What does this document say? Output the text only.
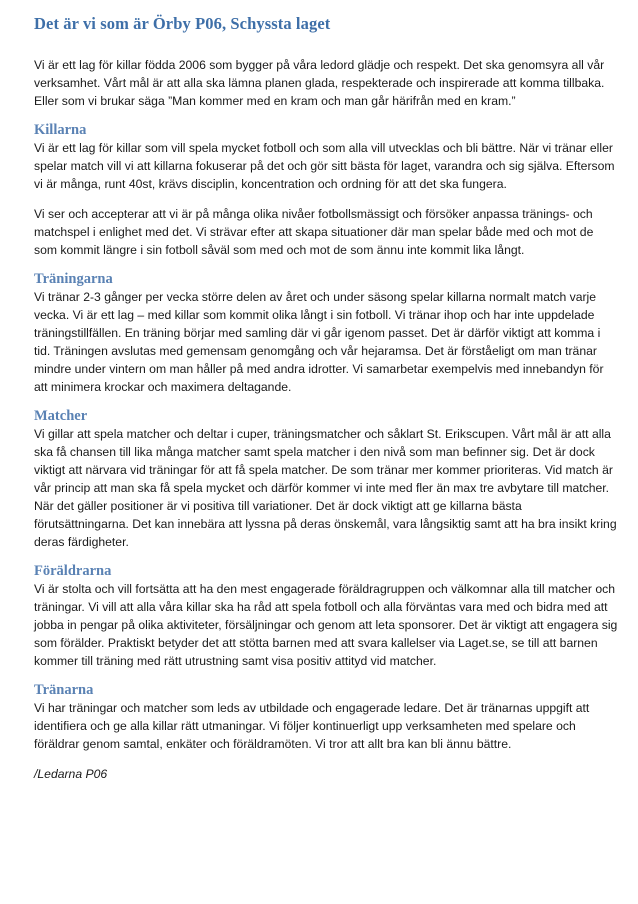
Det är vi som är Örby P06, Schyssta laget

Vi är ett lag för killar födda 2006 som bygger på våra ledord glädje och respekt. Det ska genomsyra all vår verksamhet. Vårt mål är att alla ska lämna planen glada, respekterade och inspirerade att komma tillbaka. Eller som vi brukar säga ”Man kommer med en kram och man går härifrån med en kram.”

Killarna

Vi är ett lag för killar som vill spela mycket fotboll och som alla vill utvecklas och bli bättre. När vi tränar eller spelar match vill vi att killarna fokuserar på det och gör sitt bästa för laget, varandra och sig själva. Eftersom vi är många, runt 40st, krävs disciplin, koncentration och ordning för att det ska fungera.

Vi ser och accepterar att vi är på många olika nivåer fotbollsmässigt och försöker anpassa tränings- och matchspel i enlighet med det. Vi strävar efter att skapa situationer där man spelar både med och mot de som kommit längre i sin fotboll såväl som med och mot de som ännu inte kommit lika långt.

Träningarna

Vi tränar 2-3 gånger per vecka större delen av året och under säsong spelar killarna normalt match varje vecka. Vi är ett lag – med killar som kommit olika långt i sin fotboll. Vi tränar ihop och har inte uppdelade träningstillfällen. En träning börjar med samling där vi går igenom passet. Det är därför viktigt att komma i tid. Träningen avslutas med gemensam genomgång och vår hejaramsa. Det är förståeligt om man tränar mindre under vintern om man håller på med andra idrotter. Vi samarbetar exempelvis med innebandyn för att minimera krockar och maximera deltagande.

Matcher

Vi gillar att spela matcher och deltar i cuper, träningsmatcher och såklart St. Erikscupen. Vårt mål är att alla ska få chansen till lika många matcher samt spela matcher i den nivå som man befinner sig. Det är dock viktigt att närvara vid träningar för att få spela matcher. De som tränar mer kommer prioriteras. Vid match är vår princip att man ska få spela mycket och därför kommer vi inte med fler än max tre avbytare till matcher. När det gäller positioner är vi positiva till variationer. Det är dock viktigt att ge killarna bästa förutsättningarna. Det kan innebära att lyssna på deras önskemål, vara långsiktig samt att ha bra insikt kring deras färdigheter.

Föräldrarna

Vi är stolta och vill fortsätta att ha den mest engagerade föräldragruppen och välkomnar alla till matcher och träningar. Vi vill att alla våra killar ska ha råd att spela fotboll och alla förväntas vara med och bidra med att jobba in pengar på olika aktiviteter, försäljningar och genom att leta sponsorer. Det är viktigt att engagera sig som förälder. Praktiskt betyder det att stötta barnen med att svara kallelser via Laget.se, se till att barnen kommer till träning med rätt utrustning samt visa positiv attityd vid matcher.

Tränarna

Vi har träningar och matcher som leds av utbildade och engagerade ledare. Det är tränarnas uppgift att identifiera och ge alla killar rätt utmaningar. Vi följer kontinuerligt upp verksamheten med spelare och föräldrar genom samtal, enkäter och föräldramöten. Vi tror att allt bra kan bli ännu bättre.

/Ledarna P06
